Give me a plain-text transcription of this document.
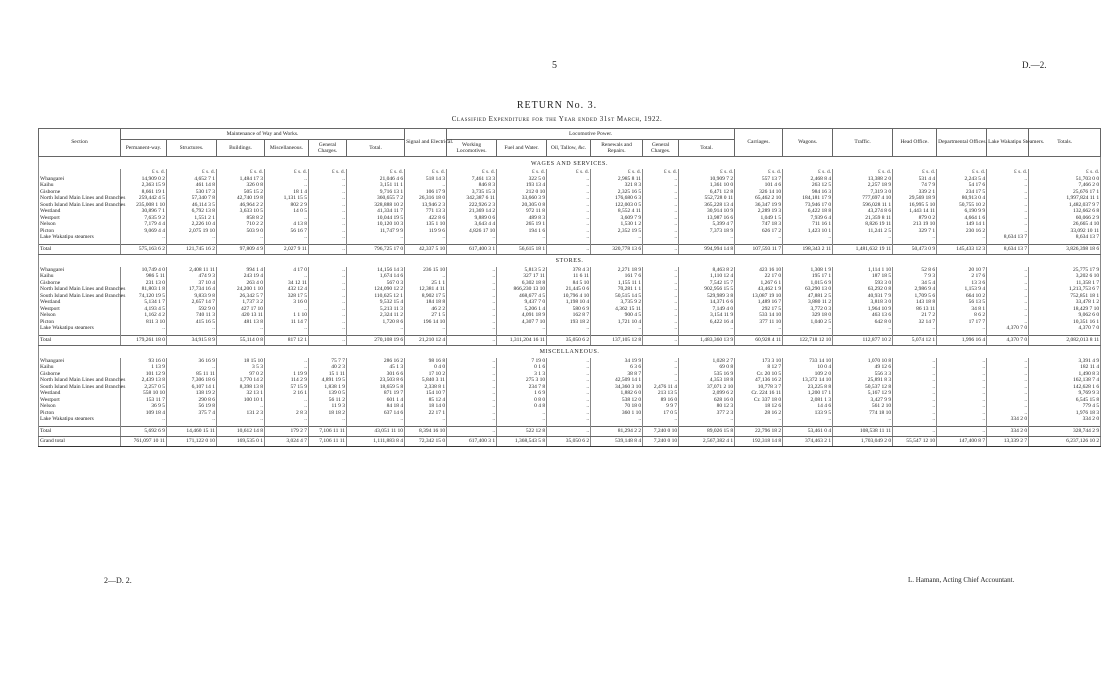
5	D.—2.
RETURN No. 3.
Classified Expenditure for the Year ended 31st March, 1922.
Section	Maintenance of Way and Works.						Signal and Electrical.	Locomotive Power.						Carriages.	Wagons.	Traffic.	Head Office.	Departmental Offices.	Lake Wakatipu Steamers.	Totals.
	Permanent-way.	Structures.	Buildings.	Miscellaneous.	General Charges.	Total.		Working Locomotives.	Fuel and Water.	Oil, Tallow, &c.	Renewals and Repairs.	General Charges.	Total.							
WAGES AND SERVICES.																				
	£ s. d.	£ s. d.	£ s. d.	£ s. d.	£ s. d.	£ s. d.	£ s. d.	£ s. d.	£ s. d.	£ s. d.	£ s. d.	£ s. d.	£ s. d.	£ s. d.	£ s. d.	£ s. d.	£ s. d.	£ s. d.	£ s. d.	£ s. d.
Whangarei	14,909 0 2	4,652 7 1	1,484 17 3	..	..	21,046 4 6	518 14 3	7,461 13 3	322 5 0	..	2,985 8 11	..	10,909 7 2	557 13 7	2,468 8 4	13,388 2 0	531 4 4	2,243 5 4	..	51,703 0 0
Kaihu	2,363 15 9	461 14 8	326 0 8	..	..	3,151 11 1	..	846 8 3	193 13 4	..	321 8 3	..	1,361 10 0	101 4 6	263 12 5	2,257 18 9	74 7 9	54 17 6	..	7,466 2 0
Gisborne	8,661 19 1	530 17 3	505 15 2	18 1 4	..	9,716 13 1	106 17 9	3,735 15 3	212 0 10	..	2,325 16 5	..	6,471 12 8	326 14 10	984 16 3	7,319 3 0	339 2 1	234 17 5	..	25,676 17 1
North Island Main Lines and Branches	259,442 4 5	57,340 7 8	42,740 19 8	1,131 15 5	..	360,655 7 2	26,316 18 0	342,387 6 11	33,660 3 9	..	176,680 6 3	..	552,728 0 11	65,462 2 10	184,181 17 9	777,697 4 10	29,569 18 9	80,913 0 4	..	1,997,824 11 1
South Island Main Lines and Branches	235,008 1 10	46,114 3 5	46,964 2 2	802 2 9	..	328,888 10 2	13,946 2 3	222,926 2 3	20,305 0 8	..	122,003 0 5	..	365,228 13 4	36,347 19 9	73,946 17 0	596,028 11 1	16,995 5 10	50,755 10 2	..	1,482,037 9 7
Westland	30,896 7 1	6,792 13 8	3,633 10 5	14 0 5	..	41,334 11 7	771 13 3	21,369 14 2	972 11 8	..	8,552 4 11	..	30,914 10 9	2,289 19 3	6,422 18 8	43,274 8 6	1,443 14 11	6,190 9 9	..	132,662 6 8
Westport	7,635 9 2	1,551 2 1	858 8 2	..	..	10,044 19 5	422 8 6	9,889 0 6	489 8 3	..	3,609 7 9	..	13,987 16 6	1,049 1 5	7,939 6 4	21,359 8 11	879 0 2	4,664 1 6	..	60,066 2 9
Nelson	7,179 4 4	2,226 10 4	710 2 2	4 13 8	..	10,120 10 3	135 1 10	3,643 4 4	265 19 1	..	1,530 1 2	..	5,399 4 7	747 18 3	711 16 1	8,826 19 11	213 19 10	149 14 1	..	26,665 4 10
Picton	9,069 4 4	2,075 19 10	503 9 0	56 16 7	..	11,747 9 9	119 9 6	4,826 17 10	194 1 6	..	2,352 19 5	..	7,373 18 9	626 17 2	1,423 10 1	11,241 2 5	329 7 1	230 16 2	..	33,092 10 11
Lake Wakatipu steamers	..	..	..	..	..	..	..	..	..	..	..	..	..	..	..	..	..	..	8,634 13 7	8,634 13 7

Total	575,163 6 2	121,745 16 2	97,809 4 9	2,027 9 11	..	796,725 17 0	42,337 5 10	617,400 3 1	56,615 18 1	..	320,778 13 6	..	994,994 14 8	107,593 11 7	198,343 2 11	1,481,632 19 11	50,473 0 9	145,433 12 3	8,634 13 7	3,826,398 18 6
STORES.																				
Whangarei	10,749 4 0	2,408 11 11	994 1 4	4 17 0	..	14,156 14 3	236 15 10	..	5,813 5 2	378 4 3	2,271 18 9	..	8,463 8 2	423 16 10	1,308 1 9	1,114 1 10	52 8 6	20 10 7	..	25,775 17 9
Kaihu	986 5 11	474 9 3	243 19 4	..	..	1,674 14 6	..	..	327 17 11	11 6 11	161 7 6	..	1,110 12 4	22 17 0	195 17 1	187 18 5	7 9 3	2 17 6	..	3,202 6 10
Gisborne	231 13 0	37 10 4	263 4 0	34 12 11	..	567 0 3	25 1 1	..	6,302 18 8	84 5 10	1,155 11 1	..	7,542 15 7	1,267 6 1	1,015 6 9	593 3 0	34 5 4	13 3 6	..	11,358 1 7
North Island Main Lines and Branches	81,803 1 8	17,734 16 4	24,200 1 10	432 12 4	..	124,090 12 2	12,381 4 11	..	866,230 13 10	21,445 0 6	70,281 1 1	..	902,956 15 5	43,462 1 9	63,290 13 0	63,292 0 8	2,986 9 4	1,153 9 4	..	1,213,753 6 7
South Island Main Lines and Branches	74,120 19 5	9,833 9 8	26,342 5 7	328 17 5	..	110,625 12 1	8,902 17 5	..	468,677 4 5	10,796 4 10	50,515 14 5	..	529,989 3 8	13,087 19 10	47,881 2 5	40,931 7 9	1,709 5 6	664 10 2	..	752,851 18 1
Westland	5,134 1 7	2,657 14 7	1,737 3 2	3 16 0	..	9,532 15 4	184 18 8	..	9,437 7 0	1,198 10 4	3,735 9 2	..	14,371 6 6	1,489 16 7	3,880 11 2	3,818 3 0	143 18 8	56 13 5	..	33,478 1 2
Westport	4,193 4 5	592 9 0	427 17 10	..	..	5,213 11 3	46 2 2	..	5,206 1 4	580 6 9	4,362 15 11	..	7,149 4 0	292 17 5	3,772 0 3	1,964 10 9	86 13 11	34 8 1	..	18,429 7 10
Nelson	1,162 4 2	740 11 3	420 13 11	1 1 10	..	2,324 11 2	27 1 5	..	4,091 18 9	162 8 7	900 4 5	..	3,154 11 9	533 14 10	329 18 0	463 13 6	21 7 2	8 6 2	..	9,062 6 0
Picton	811 3 10	415 16 5	481 13 8	11 14 7	..	1,720 8 6	196 14 10	..	4,307 7 10	193 18 2	1,721 10 4	..	6,422 16 4	377 11 10	1,040 2 5	642 8 0	32 14 7	17 17 7	..	10,351 16 1
Lake Wakatipu steamers	..	..	..	..	..	..	..	..	..	..	..	..	..	..	..	..	..	..	4,370 7 0	4,370 7 0

Total	179,261 18 0	34,915 8 9	55,114 0 8	817 12 1	..	270,108 19 6	21,210 12 4	..	1,311,204 16 11	35,050 6 2	137,105 12 8	..	1,483,360 13 9	60,928 4 11	122,718 12 10	112,877 10 2	5,074 12 1	1,996 16 4	4,370 7 0	2,082,013 8 11
MISCELLANEOUS.																				
Whangarei	93 16 0	36 16 9	18 15 10	..	75 7 7	286 16 2	98 16 8	..	7 19 0	..	34 19 9	..	1,028 2 7	173 3 10	733 14 10	1,070 10 8	..	..	..	3,391 4 9
Kaihu	1 13 9	..	3 5 3	..	40 2 3	45 1 3	0 4 0	..	0 1 6	..	6 3 6	..	69 0 8	8 12 7	10 0 4	49 12 6	..	..	..	182 11 4
Gisborne	101 12 9	85 11 11	97 0 2	1 19 9	15 1 11	301 6 6	17 10 2	..	3 1 3	..	38 8 7	..	535 16 9	Cr. 20 10 5	109 2 0	556 3 3	..	..	..	1,490 8 3
North Island Main Lines and Branches	2,439 13 8	7,306 18 6	1,770 14 2	114 2 9	4,891 19 5	23,503 8 6	5,840 3 11	..	275 3 10	..	42,509 14 1	..	4,353 18 8	47,136 16 2	13,372 14 10	25,891 8 3	..	..	..	162,138 7 4
South Island Main Lines and Branches	2,257 0 5	6,107 14 1	8,398 13 8	57 15 9	1,838 1 9	18,659 5 8	2,338 8 1	..	234 7 8	..	34,360 3 10	2,476 11 4	37,071 2 10	10,778 3 7	23,225 8 8	50,537 12 8	..	..	..	142,628 1 6
Westland	558 10 10	138 19 2	32 13 1	2 16 1	139 0 5	871 19 7	154 10 7	..	1 6 9	..	1,882 6 0	213 13 5	2,099 6 2	Cr. 224 16 11	1,200 17 1	5,167 12 9	..	..	..	9,769 9 3
Westport	153 11 7	290 8 6	100 10 1	..	56 11 2	601 1 4	85 12 4	..	0 8 0	..	538 12 0	89 16 0	628 16 0	Cr. 337 18 0	2,081 1 3	3,427 9 9	..	..	..	6,545 15 8
Nelson	36 9 5	56 19 8	..	..	11 9 3	84 18 4	18 14 0	..	0 4 8	..	70 18 0	9 9 7	80 12 3	18 12 6	14 4 6	561 2 10	..	..	..	779 4 5
Picton	109 18 4	375 7 4	131 2 3	2 8 3	18 18 2	637 14 6	22 17 1	..	..	..	360 1 10	17 0 5	377 2 3	28 16 2	133 9 5	774 18 10	..	..	..	1,976 18 3
Lake Wakatipu steamers	..	..	..	..	..	..	..	..	..	..	..	..	..	..	..	..	..	..	334 2 0	334 2 0

Total	5,692 6 9	14,460 15 11	10,612 14 8	179 2 7	7,106 11 11	43,051 11 10	8,394 16 10	..	522 12 8	..	81,294 2 2	7,240 0 10	89,026 15 8	22,796 18 2	53,461 0 4	108,538 11 11	..	..	334 2 0	328,744 2 9
Grand total	761,097 10 11	171,122 0 10	169,535 0 1	3,024 4 7	7,106 11 11	1,111,883 8 4	72,342 15 0	617,400 3 1	1,368,543 5 8	35,050 6 2	539,148 8 4	7,240 0 10	2,567,382 4 1	192,318 14 8	374,463 2 1	1,703,049 2 0	55,547 12 10	147,400 8 7	13,339 2 7	6,237,126 10 2
2—D. 2.	L. Hamann, Acting Chief Accountant.
